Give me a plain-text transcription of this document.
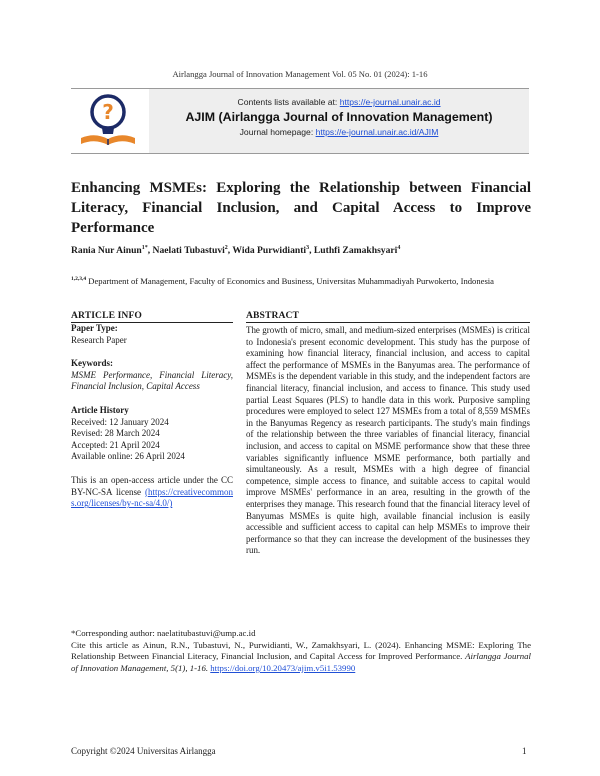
Airlangga Journal of Innovation Management Vol. 05 No. 01 (2024): 1-16
?	Contents lists available at: https://e-journal.unair.ac.id
AJIM (Airlangga Journal of Innovation Management)
Journal homepage: https://e-journal.unair.ac.id/AJIM
Enhancing MSMEs: Exploring the Relationship between Financial Literacy, Financial Inclusion, and Capital Access to Improve Performance
Rania Nur Ainun$^{1*}$, Naelati Tubastuvi$^2$, Wida Purwidianti$^3$, Luthfi Zamakhsyari$^4$
$^{1,2,3,4}$ Department of Management, Faculty of Economics and Business, Universitas Muhammadiyah Purwokerto, Indonesia
ARTICLE INFO
Paper Type:
Research Paper
Keywords:
MSME Performance, Financial Literacy, Financial Inclusion, Capital Access
Article History
Received: 12 January 2024
Revised: 28 March 2024
Accepted: 21 April 2024
Available online: 26 April 2024
This is an open-access article under the CC BY-NC-SA license (https://creativecommons.org/licenses/by-nc-sa/4.0/)
ABSTRACT
The growth of micro, small, and medium-sized enterprises (MSMEs) is critical to Indonesia's present economic development. This study has the purpose of examining how financial literacy, financial inclusion, and access to capital affect the performance of MSMEs in the Banyumas area. The performance of MSMEs is the dependent variable in this study, and the independent factors are financial literacy, financial inclusion, and access to finance. This study used partial Least Squares (PLS) to handle data in this work. Purposive sampling procedures were employed to select 127 MSMEs from a total of 8,559 MSMEs in the Banyumas Regency as research participants. The study's main findings of the relationship between the three variables of financial literacy, financial inclusion, and access to capital on MSME performance show that these three variables significantly influence MSME performance, both partially and simultaneously. As a result, MSMEs with a high degree of financial competence, simple access to finance, and suitable access to capital would improve MSMEs' performance in an area, resulting in the growth of the enterprises they manage. This research found that the financial literacy level of Banyumas MSMEs is quite high, available financial inclusion is easily accessible and sufficient access to capital can help MSMEs to improve their performance so that they can increase the development of the businesses they run.
*Corresponding author: naelatitubastuvi@ump.ac.id
Cite this article as Ainun, R.N., Tubastuvi, N., Purwidianti, W., Zamakhsyari, L. (2024). Enhancing MSME: Exploring The Relationship Between Financial Literacy, Financial Inclusion, and Capital Access for Improved Performance. Airlangga Journal of Innovation Management, 5(1), 1-16. https://doi.org/10.20473/ajim.v5i1.53990
Copyright ©2024 Universitas Airlangga	1
